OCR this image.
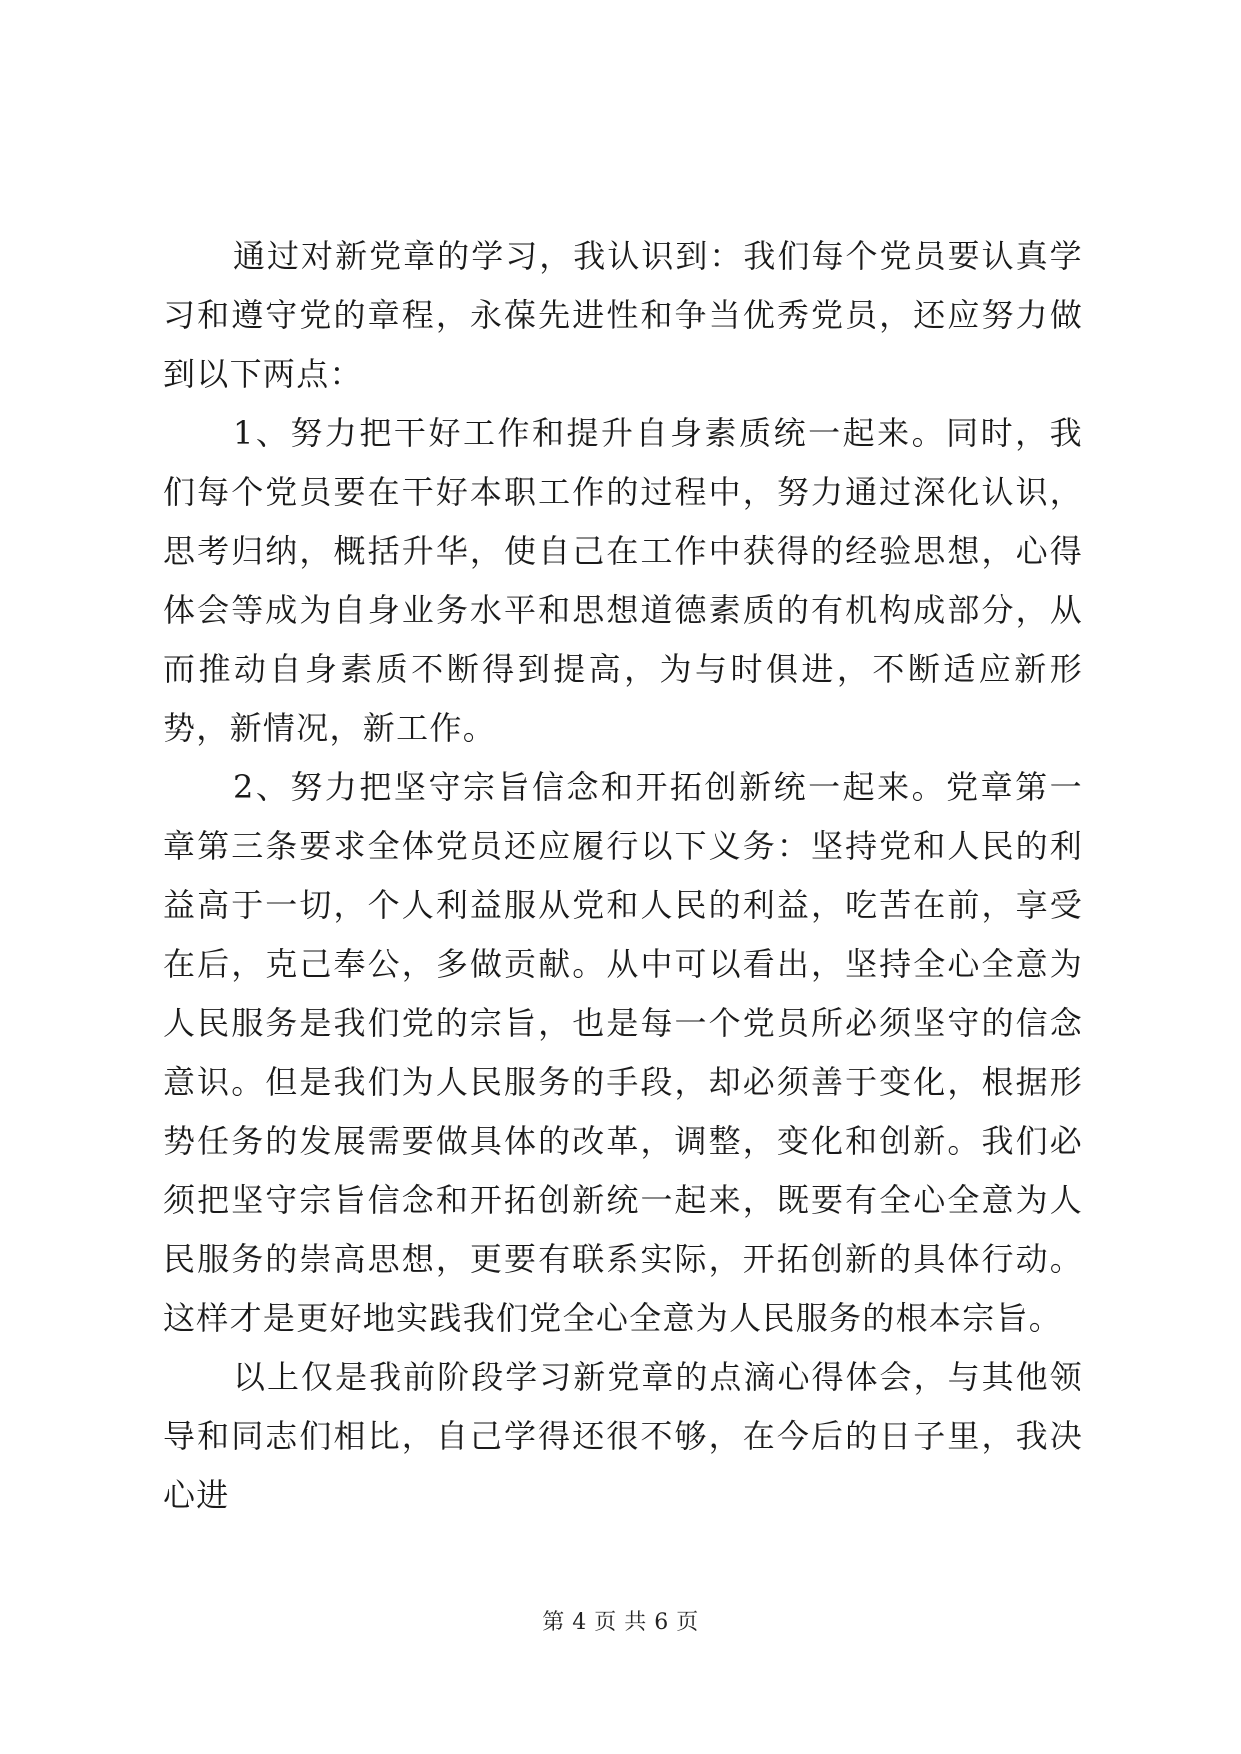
通过对新党章的学习，我认识到：我们每个党员要认真学习和遵守党的章程，永葆先进性和争当优秀党员，还应努力做到以下两点：

1、努力把干好工作和提升自身素质统一起来。同时，我们每个党员要在干好本职工作的过程中，努力通过深化认识，思考归纳，概括升华，使自己在工作中获得的经验思想，心得体会等成为自身业务水平和思想道德素质的有机构成部分，从而推动自身素质不断得到提高，为与时俱进，不断适应新形势，新情况，新工作。

2、努力把坚守宗旨信念和开拓创新统一起来。党章第一章第三条要求全体党员还应履行以下义务：坚持党和人民的利益高于一切，个人利益服从党和人民的利益，吃苦在前，享受在后，克己奉公，多做贡献。从中可以看出，坚持全心全意为人民服务是我们党的宗旨，也是每一个党员所必须坚守的信念意识。但是我们为人民服务的手段，却必须善于变化，根据形势任务的发展需要做具体的改革，调整，变化和创新。我们必须把坚守宗旨信念和开拓创新统一起来，既要有全心全意为人民服务的崇高思想，更要有联系实际，开拓创新的具体行动。这样才是更好地实践我们党全心全意为人民服务的根本宗旨。

以上仅是我前阶段学习新党章的点滴心得体会，与其他领导和同志们相比，自己学得还很不够，在今后的日子里，我决心进

第 4 页 共 6 页
